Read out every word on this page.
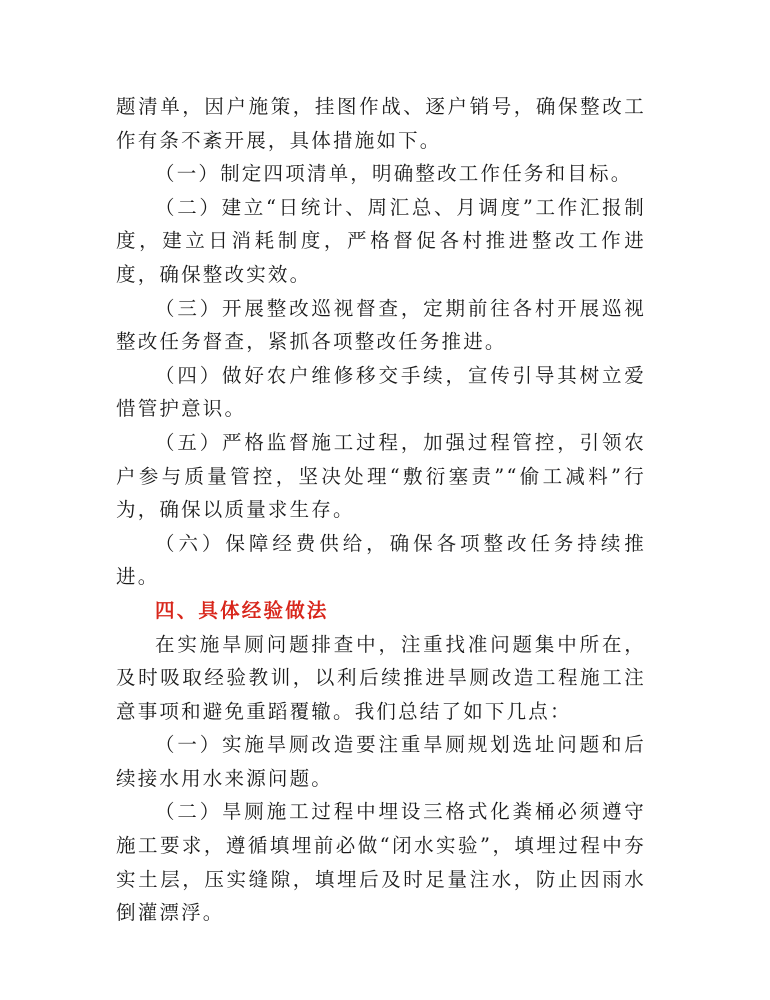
题清单，因户施策，挂图作战、逐户销号，确保整改工作有条不紊开展，具体措施如下。

（一）制定四项清单，明确整改工作任务和目标。

（二）建立“日统计、周汇总、月调度”工作汇报制度，建立日消耗制度，严格督促各村推进整改工作进度，确保整改实效。

（三）开展整改巡视督查，定期前往各村开展巡视整改任务督查，紧抓各项整改任务推进。

（四）做好农户维修移交手续，宣传引导其树立爱惜管护意识。

（五）严格监督施工过程，加强过程管控，引领农户参与质量管控，坚决处理“敷衍塞责”“偷工减料”行为，确保以质量求生存。

（六）保障经费供给，确保各项整改任务持续推进。

四、具体经验做法

在实施旱厕问题排查中，注重找准问题集中所在，及时吸取经验教训，以利后续推进旱厕改造工程施工注意事项和避免重蹈覆辙。我们总结了如下几点：

（一）实施旱厕改造要注重旱厕规划选址问题和后续接水用水来源问题。

（二）旱厕施工过程中埋设三格式化粪桶必须遵守施工要求，遵循填埋前必做“闭水实验”，填埋过程中夯实土层，压实缝隙，填埋后及时足量注水，防止因雨水倒灌漂浮。
